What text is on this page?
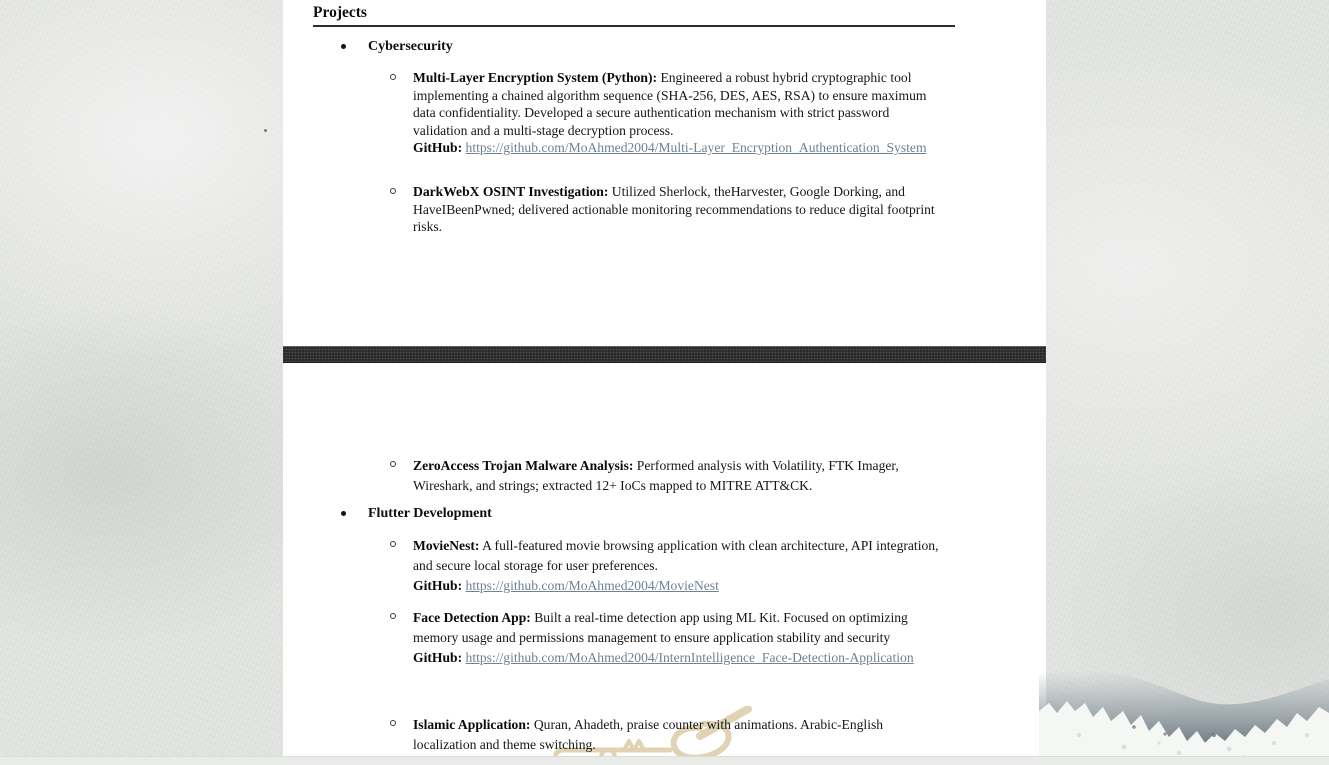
Projects
Cybersecurity

Multi-Layer Encryption System (Python): Engineered a robust hybrid cryptographic tool implementing a chained algorithm sequence (SHA-256, DES, AES, RSA) to ensure maximum data confidentiality. Developed a secure authentication mechanism with strict password validation and a multi-stage decryption process.
GitHub: https://github.com/MoAhmed2004/Multi-Layer_Encryption_Authentication_System

DarkWebX OSINT Investigation: Utilized Sherlock, theHarvester, Google Dorking, and HaveIBeenPwned; delivered actionable monitoring recommendations to reduce digital footprint risks.

ZeroAccess Trojan Malware Analysis: Performed analysis with Volatility, FTK Imager, Wireshark, and strings; extracted 12+ IoCs mapped to MITRE ATT&CK.

Flutter Development

MovieNest: A full-featured movie browsing application with clean architecture, API integration, and secure local storage for user preferences.
GitHub: https://github.com/MoAhmed2004/MovieNest

Face Detection App: Built a real-time detection app using ML Kit. Focused on optimizing memory usage and permissions management to ensure application stability and security
GitHub: https://github.com/MoAhmed2004/InternIntelligence_Face-Detection-Application

Islamic Application: Quran, Ahadeth, praise counter with animations. Arabic-English localization and theme switching.
